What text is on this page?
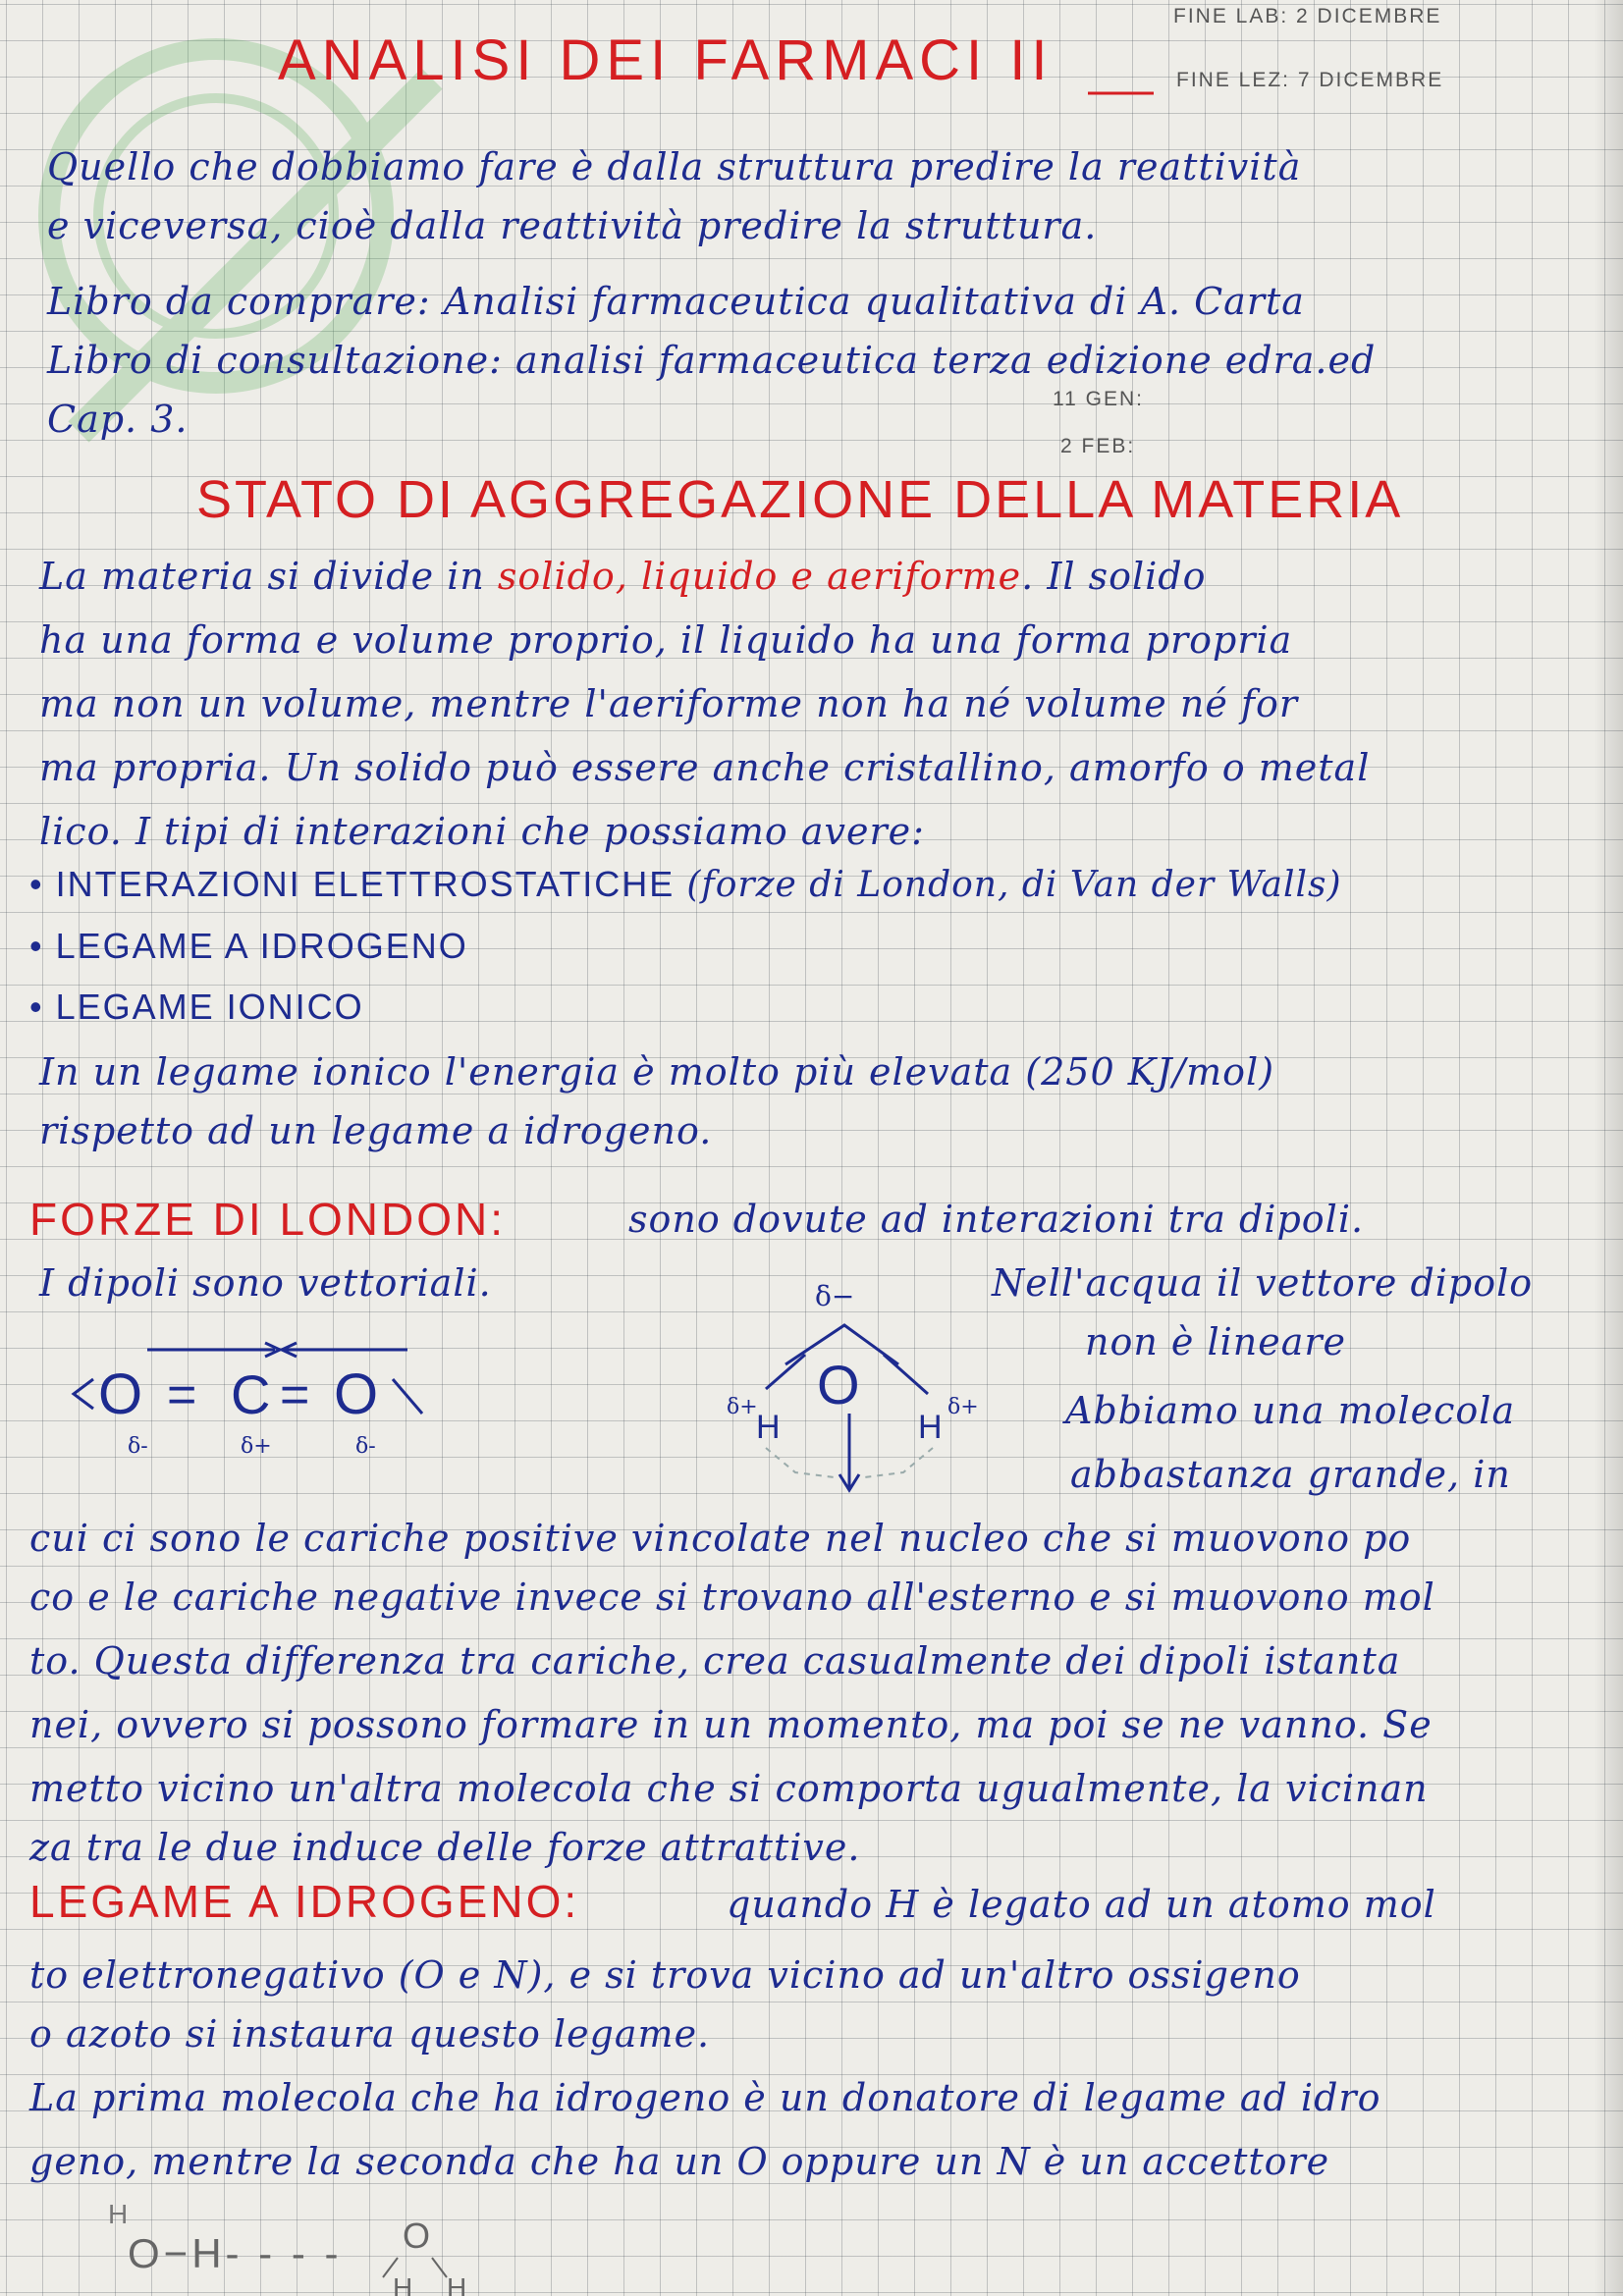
ANALISI DEI FARMACI II
FINE LAB: 2 DICEMBRE
FINE LEZ: 7 DICEMBRE
Quello che dobbiamo fare è dalla struttura predire la reattività
e viceversa, cioè dalla reattività predire la struttura.
Libro da comprare: Analisi farmaceutica qualitativa di A. Carta
Libro di consultazione: analisi farmaceutica terza edizione edra.ed
Cap. 3.	11 GEN:
2 FEB:
STATO DI AGGREGAZIONE DELLA MATERIA
La materia si divide in solido, liquido e aeriforme. Il solido
ha una forma e volume proprio, il liquido ha una forma propria
ma non un volume, mentre l'aeriforme non ha né volume né for
ma propria. Un solido può essere anche cristallino, amorfo o metal
lico. I tipi di interazioni che possiamo avere:
• INTERAZIONI ELETTROSTATICHE (forze di London, di Van der Walls)
• LEGAME A IDROGENO
• LEGAME IONICO
In un legame ionico l'energia è molto più elevata (250 KJ/mol)
rispetto ad un legame a idrogeno.
FORZE DI LONDON:	sono dovute ad interazioni tra dipoli.
I dipoli sono vettoriali.	Nell'acqua il vettore dipolo
non è lineare
Abbiamo una molecola
abbastanza grande, in
O = C = O
δ-	δ+	δ-
δ−
O
H	H
δ+	δ+
cui ci sono le cariche positive vincolate nel nucleo che si muovono po
co e le cariche negative invece si trovano all'esterno e si muovono mol
to. Questa differenza tra cariche, crea casualmente dei dipoli istanta
nei, ovvero si possono formare in un momento, ma poi se ne vanno. Se
metto vicino un'altra molecola che si comporta ugualmente, la vicinan
za tra le due induce delle forze attrattive.
LEGAME A IDROGENO:	quando H è legato ad un atomo mol
to elettronegativo (O e N), e si trova vicino ad un'altro ossigeno
o azoto si instaura questo legame.
La prima molecola che ha idrogeno è un donatore di legame ad idro
geno, mentre la seconda che ha un O oppure un N è un accettore
H
O−H- - - - O
H H
